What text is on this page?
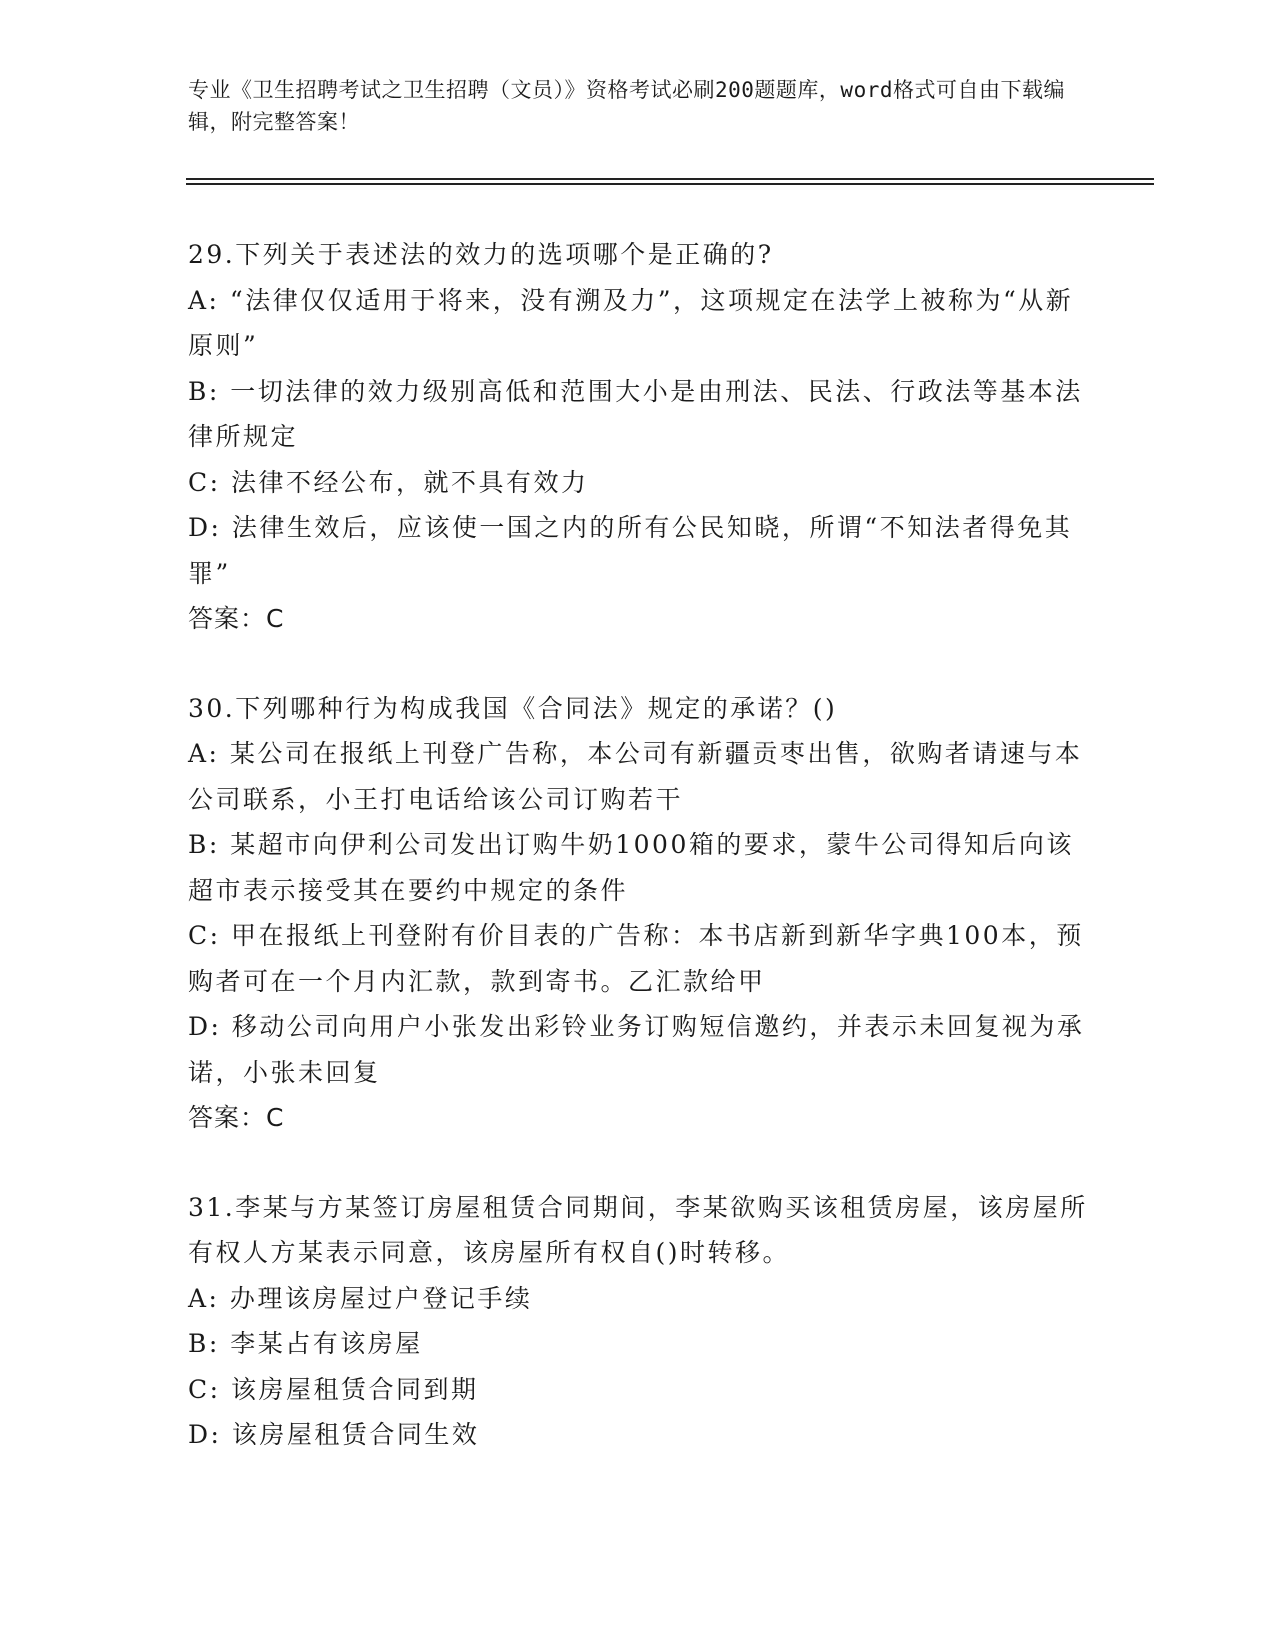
专业《卫生招聘考试之卫生招聘（文员）》资格考试必刷200题题库，word格式可自由下载编辑，附完整答案！
29.下列关于表述法的效力的选项哪个是正确的?
A: “法律仅仅适用于将来，没有溯及力”，这项规定在法学上被称为“从新原则”
B: 一切法律的效力级别高低和范围大小是由刑法、民法、行政法等基本法律所规定
C: 法律不经公布，就不具有效力
D: 法律生效后，应该使一国之内的所有公民知晓，所谓“不知法者得免其罪”
答案：C
30.下列哪种行为构成我国《合同法》规定的承诺？()
A: 某公司在报纸上刊登广告称，本公司有新疆贡枣出售，欲购者请速与本公司联系，小王打电话给该公司订购若干
B: 某超市向伊利公司发出订购牛奶1000箱的要求，蒙牛公司得知后向该超市表示接受其在要约中规定的条件
C: 甲在报纸上刊登附有价目表的广告称：本书店新到新华字典100本，预购者可在一个月内汇款，款到寄书。乙汇款给甲
D: 移动公司向用户小张发出彩铃业务订购短信邀约，并表示未回复视为承诺，小张未回复
答案：C
31.李某与方某签订房屋租赁合同期间，李某欲购买该租赁房屋，该房屋所有权人方某表示同意，该房屋所有权自()时转移。
A: 办理该房屋过户登记手续
B: 李某占有该房屋
C: 该房屋租赁合同到期
D: 该房屋租赁合同生效
